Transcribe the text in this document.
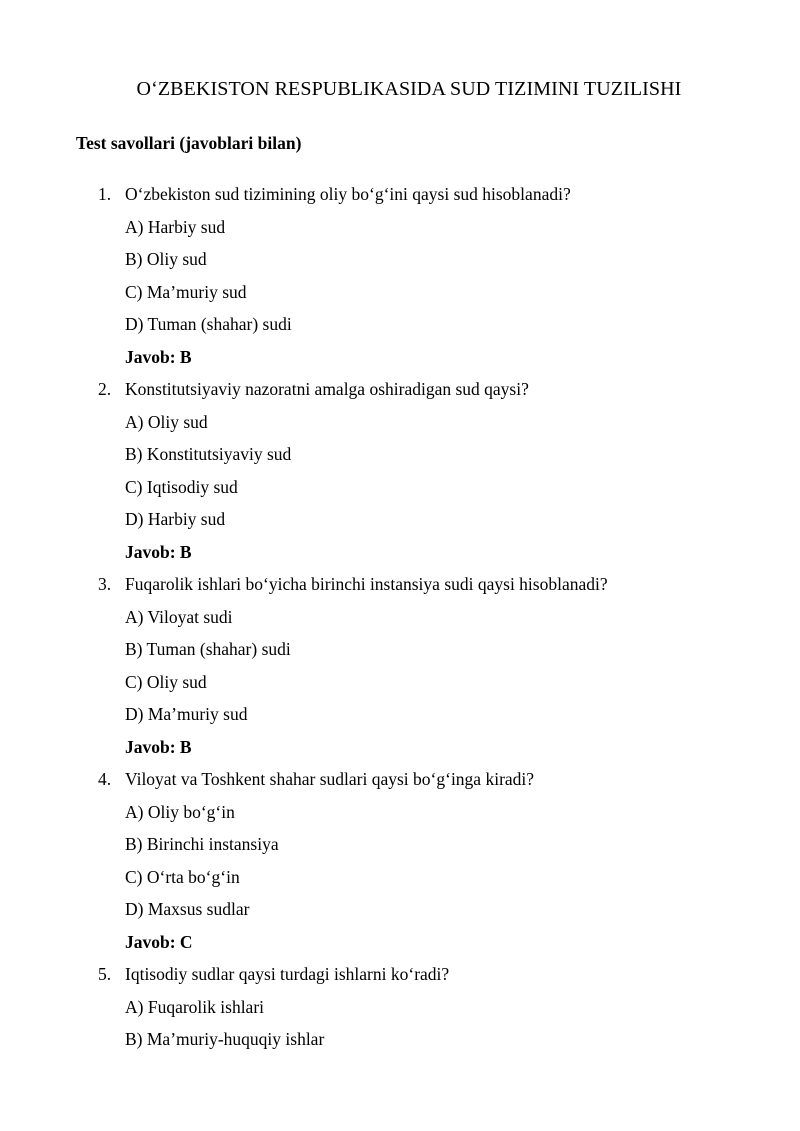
O‘ZBEKISTON RESPUBLIKASIDA SUD TIZIMINI TUZILISHI
Test savollari (javoblari bilan)
1. O‘zbekiston sud tizimining oliy bo‘g‘ini qaysi sud hisoblanadi?
A) Harbiy sud
B) Oliy sud
C) Ma’muriy sud
D) Tuman (shahar) sudi
Javob: B
2. Konstitutsiyaviy nazoratni amalga oshiradigan sud qaysi?
A) Oliy sud
B) Konstitutsiyaviy sud
C) Iqtisodiy sud
D) Harbiy sud
Javob: B
3. Fuqarolik ishlari bo‘yicha birinchi instansiya sudi qaysi hisoblanadi?
A) Viloyat sudi
B) Tuman (shahar) sudi
C) Oliy sud
D) Ma’muriy sud
Javob: B
4. Viloyat va Toshkent shahar sudlari qaysi bo‘g‘inga kiradi?
A) Oliy bo‘g‘in
B) Birinchi instansiya
C) O‘rta bo‘g‘in
D) Maxsus sudlar
Javob: C
5. Iqtisodiy sudlar qaysi turdagi ishlarni ko‘radi?
A) Fuqarolik ishlari
B) Ma’muriy-huquqiy ishlar
